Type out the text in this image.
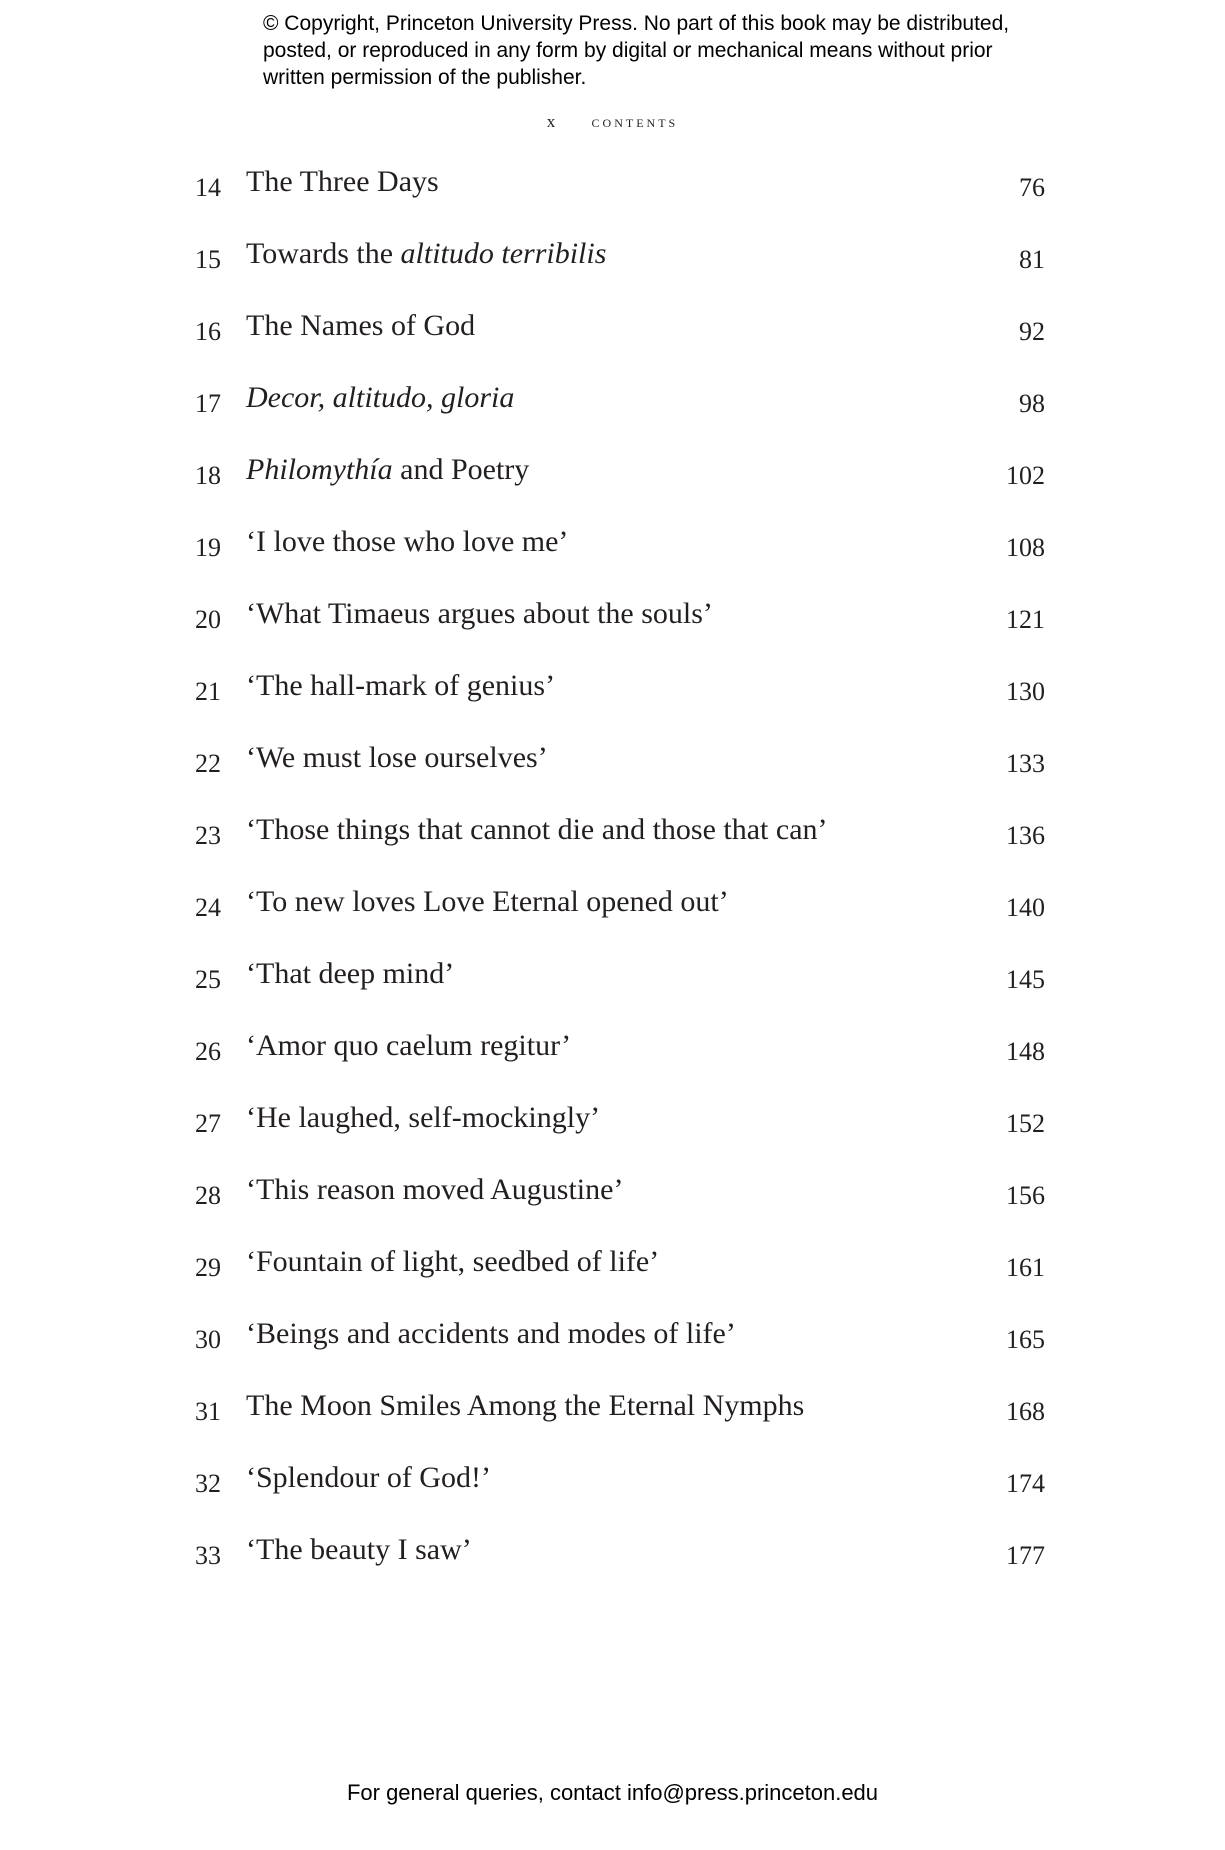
© Copyright, Princeton University Press. No part of this book may be distributed, posted, or reproduced in any form by digital or mechanical means without prior written permission of the publisher.
x contents
14 The Three Days	76
15 Towards the altitudo terribilis	81
16 The Names of God	92
17 Decor, altitudo, gloria	98
18 Philomythía and Poetry	102
19 ‘I love those who love me’	108
20 ‘What Timaeus argues about the souls’	121
21 ‘The hall-mark of genius’	130
22 ‘We must lose ourselves’	133
23 ‘Those things that cannot die and those that can’	136
24 ‘To new loves Love Eternal opened out’	140
25 ‘That deep mind’	145
26 ‘Amor quo caelum regitur’	148
27 ‘He laughed, self-mockingly’	152
28 ‘This reason moved Augustine’	156
29 ‘Fountain of light, seedbed of life’	161
30 ‘Beings and accidents and modes of life’	165
31 The Moon Smiles Among the Eternal Nymphs	168
32 ‘Splendour of God!’	174
33 ‘The beauty I saw’	177
For general queries, contact info@press.princeton.edu
